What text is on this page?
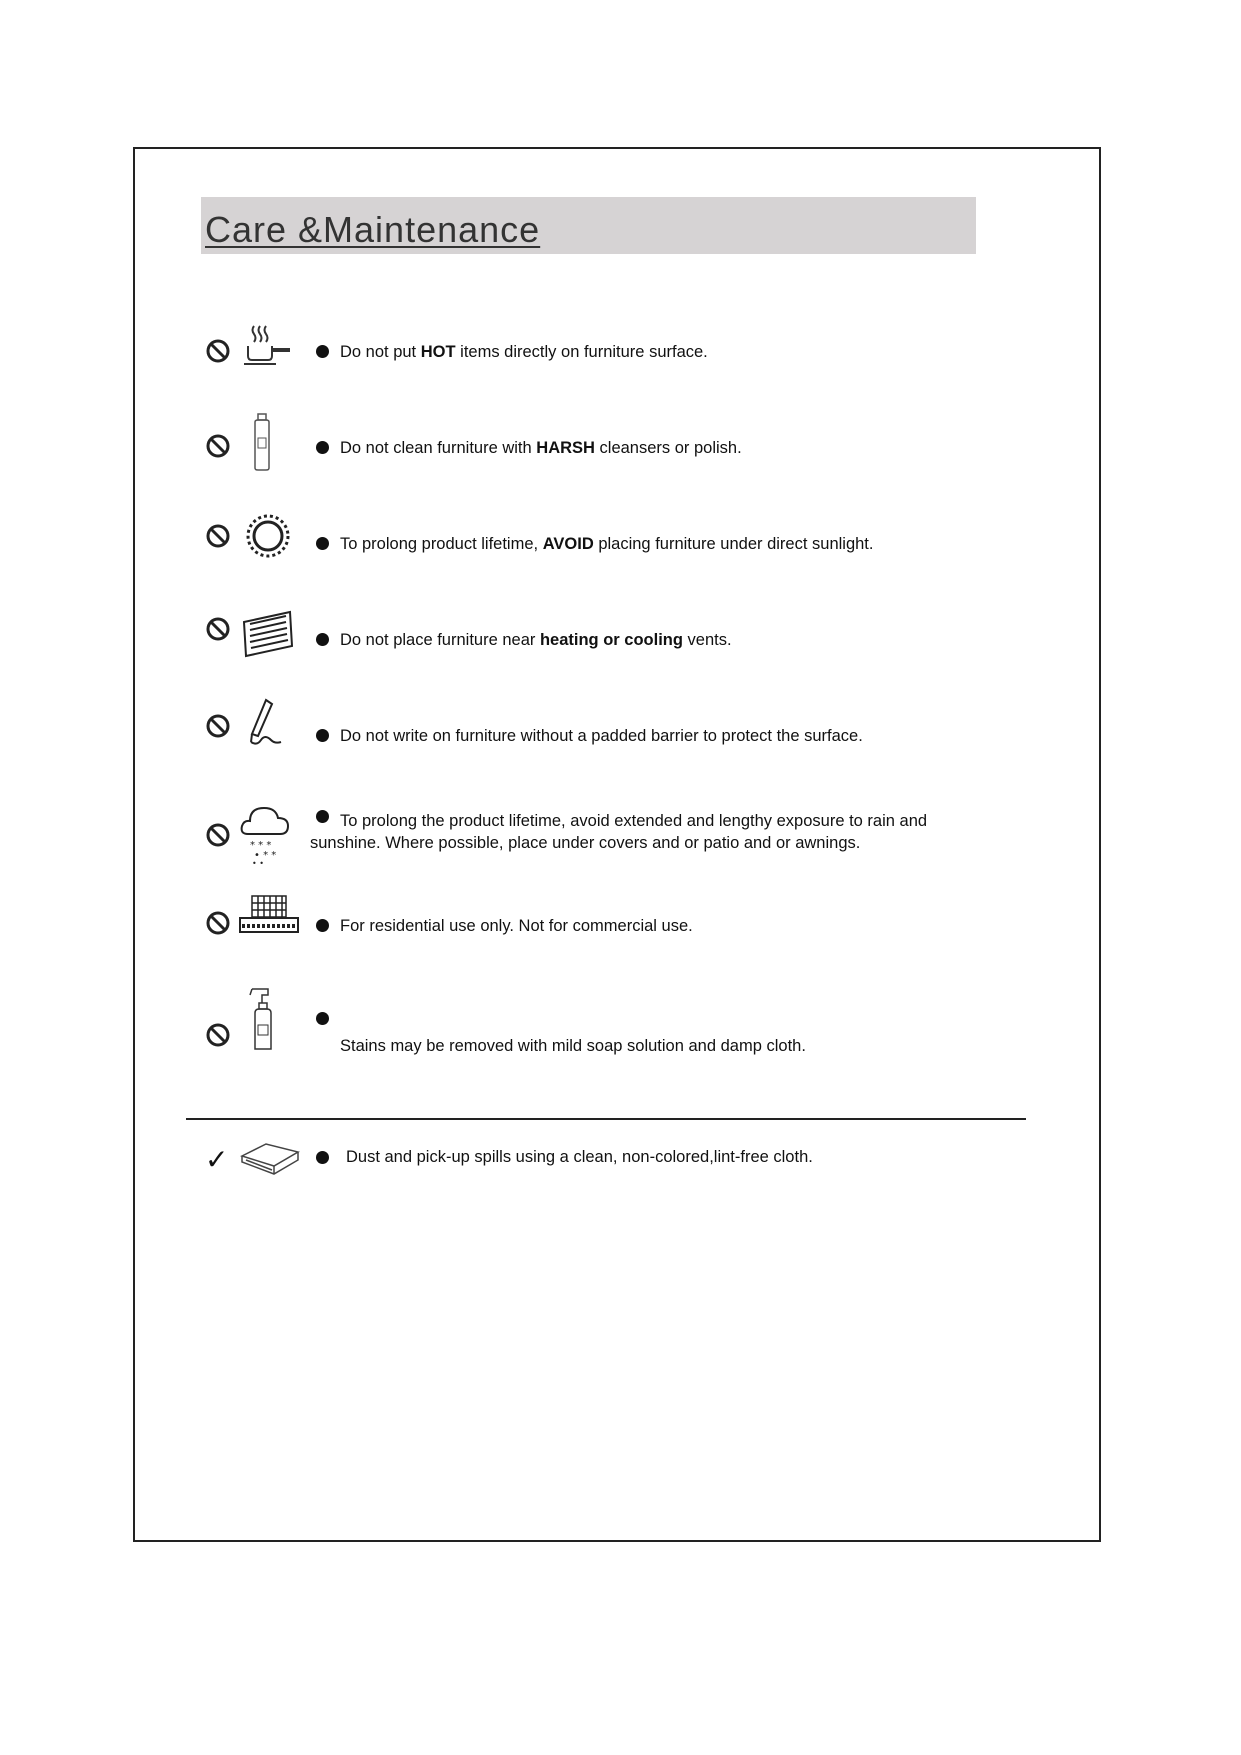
Care &Maintenance
Do not put HOT items directly on furniture surface.
Do not clean furniture with HARSH cleansers or polish.
To prolong product lifetime, AVOID placing furniture under direct sunlight.
Do not place furniture near heating or cooling vents.
Do not write on furniture without a padded barrier to protect the surface.
* * *
• * *
• •
To prolong the product lifetime, avoid extended and lengthy exposure to rain and
sunshine. Where possible, place under covers and or patio and or awnings.
For residential use only. Not for commercial use.
Stains may be removed with mild soap solution and damp cloth.
✓	Dust and pick-up spills using a clean, non-colored,lint-free cloth.
